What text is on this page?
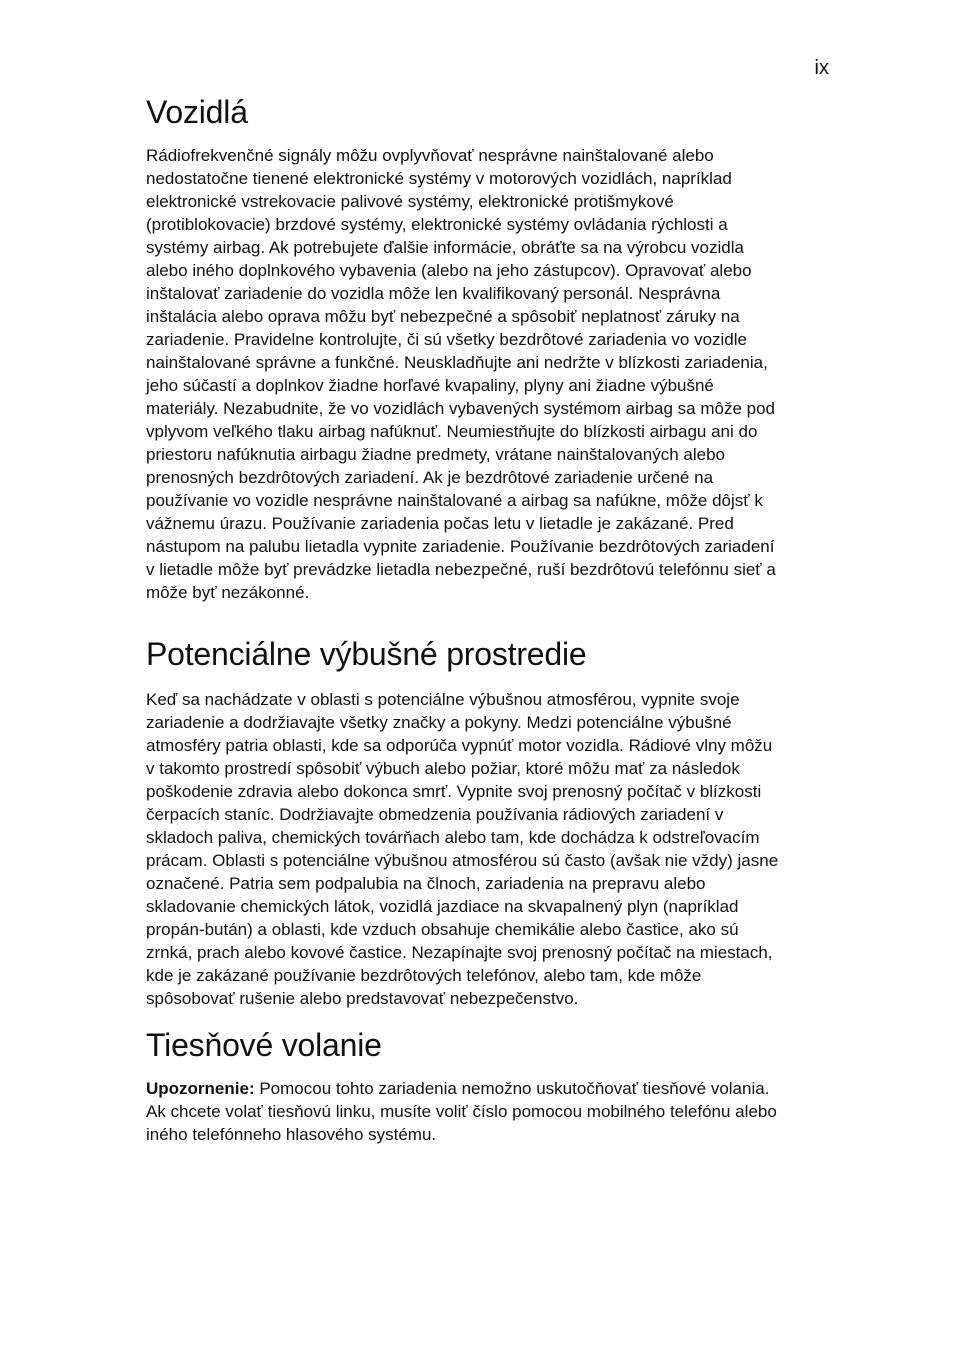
ix
Vozidlá

Rádiofrekvenčné signály môžu ovplyvňovať nesprávne nainštalované alebo
nedostatočne tienené elektronické systémy v motorových vozidlách, napríklad
elektronické vstrekovacie palivové systémy, elektronické protišmykové
(protiblokovacie) brzdové systémy, elektronické systémy ovládania rýchlosti a
systémy airbag. Ak potrebujete ďalšie informácie, obráťte sa na výrobcu vozidla
alebo iného doplnkového vybavenia (alebo na jeho zástupcov). Opravovať alebo
inštalovať zariadenie do vozidla môže len kvalifikovaný personál. Nesprávna
inštalácia alebo oprava môžu byť nebezpečné a spôsobiť neplatnosť záruky na
zariadenie. Pravidelne kontrolujte, či sú všetky bezdrôtové zariadenia vo vozidle
nainštalované správne a funkčné. Neuskladňujte ani nedržte v blízkosti zariadenia,
jeho súčastí a doplnkov žiadne horľavé kvapaliny, plyny ani žiadne výbušné
materiály. Nezabudnite, že vo vozidlách vybavených systémom airbag sa môže pod
vplyvom veľkého tlaku airbag nafúknuť. Neumiestňujte do blízkosti airbagu ani do
priestoru nafúknutia airbagu žiadne predmety, vrátane nainštalovaných alebo
prenosných bezdrôtových zariadení. Ak je bezdrôtové zariadenie určené na
používanie vo vozidle nesprávne nainštalované a airbag sa nafúkne, môže dôjsť k
vážnemu úrazu. Používanie zariadenia počas letu v lietadle je zakázané. Pred
nástupom na palubu lietadla vypnite zariadenie. Používanie bezdrôtových zariadení
v lietadle môže byť prevádzke lietadla nebezpečné, ruší bezdrôtovú telefónnu sieť a
môže byť nezákonné.

Potenciálne výbušné prostredie

Keď sa nachádzate v oblasti s potenciálne výbušnou atmosférou, vypnite svoje
zariadenie a dodržiavajte všetky značky a pokyny. Medzi potenciálne výbušné
atmosféry patria oblasti, kde sa odporúča vypnúť motor vozidla. Rádiové vlny môžu
v takomto prostredí spôsobiť výbuch alebo požiar, ktoré môžu mať za následok
poškodenie zdravia alebo dokonca smrť. Vypnite svoj prenosný počítač v blízkosti
čerpacích staníc. Dodržiavajte obmedzenia používania rádiových zariadení v
skladoch paliva, chemických továrňach alebo tam, kde dochádza k odstreľovacím
prácam. Oblasti s potenciálne výbušnou atmosférou sú často (avšak nie vždy) jasne
označené. Patria sem podpalubia na člnoch, zariadenia na prepravu alebo
skladovanie chemických látok, vozidlá jazdiace na skvapalnený plyn (napríklad
propán-bután) a oblasti, kde vzduch obsahuje chemikálie alebo častice, ako sú
zrnká, prach alebo kovové častice. Nezapínajte svoj prenosný počítač na miestach,
kde je zakázané používanie bezdrôtových telefónov, alebo tam, kde môže
spôsobovať rušenie alebo predstavovať nebezpečenstvo.

Tiesňové volanie

Upozornenie: Pomocou tohto zariadenia nemožno uskutočňovať tiesňové volania.
Ak chcete volať tiesňovú linku, musíte voliť číslo pomocou mobilného telefónu alebo
iného telefónneho hlasového systému.
